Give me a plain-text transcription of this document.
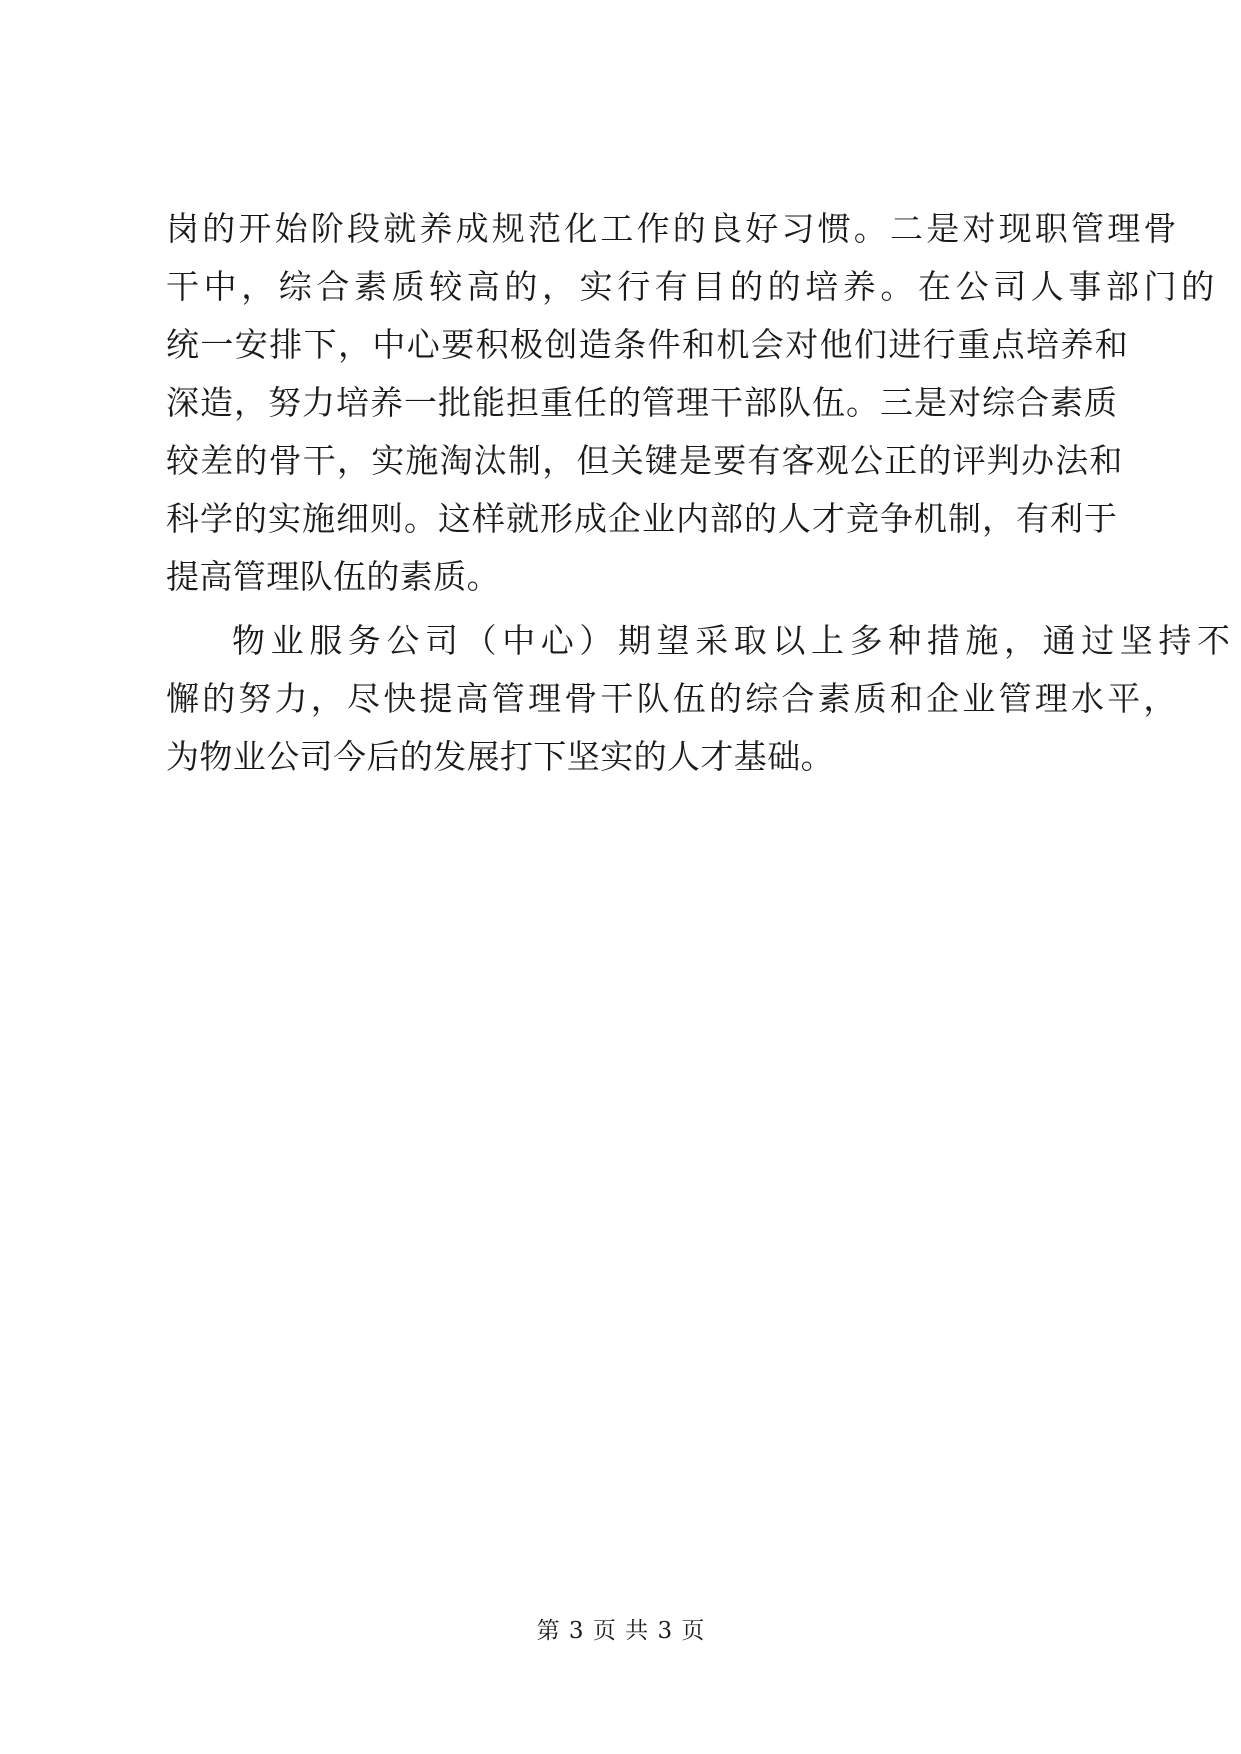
岗的开始阶段就养成规范化工作的良好习惯。二是对现职管理骨
干中，综合素质较高的，实行有目的的培养。在公司人事部门的
统一安排下，中心要积极创造条件和机会对他们进行重点培养和
深造，努力培养一批能担重任的管理干部队伍。三是对综合素质
较差的骨干，实施淘汰制，但关键是要有客观公正的评判办法和
科学的实施细则。这样就形成企业内部的人才竞争机制，有利于
提高管理队伍的素质。
物业服务公司（中心）期望采取以上多种措施，通过坚持不
懈的努力，尽快提高管理骨干队伍的综合素质和企业管理水平，
为物业公司今后的发展打下坚实的人才基础。
第 3 页 共 3 页
